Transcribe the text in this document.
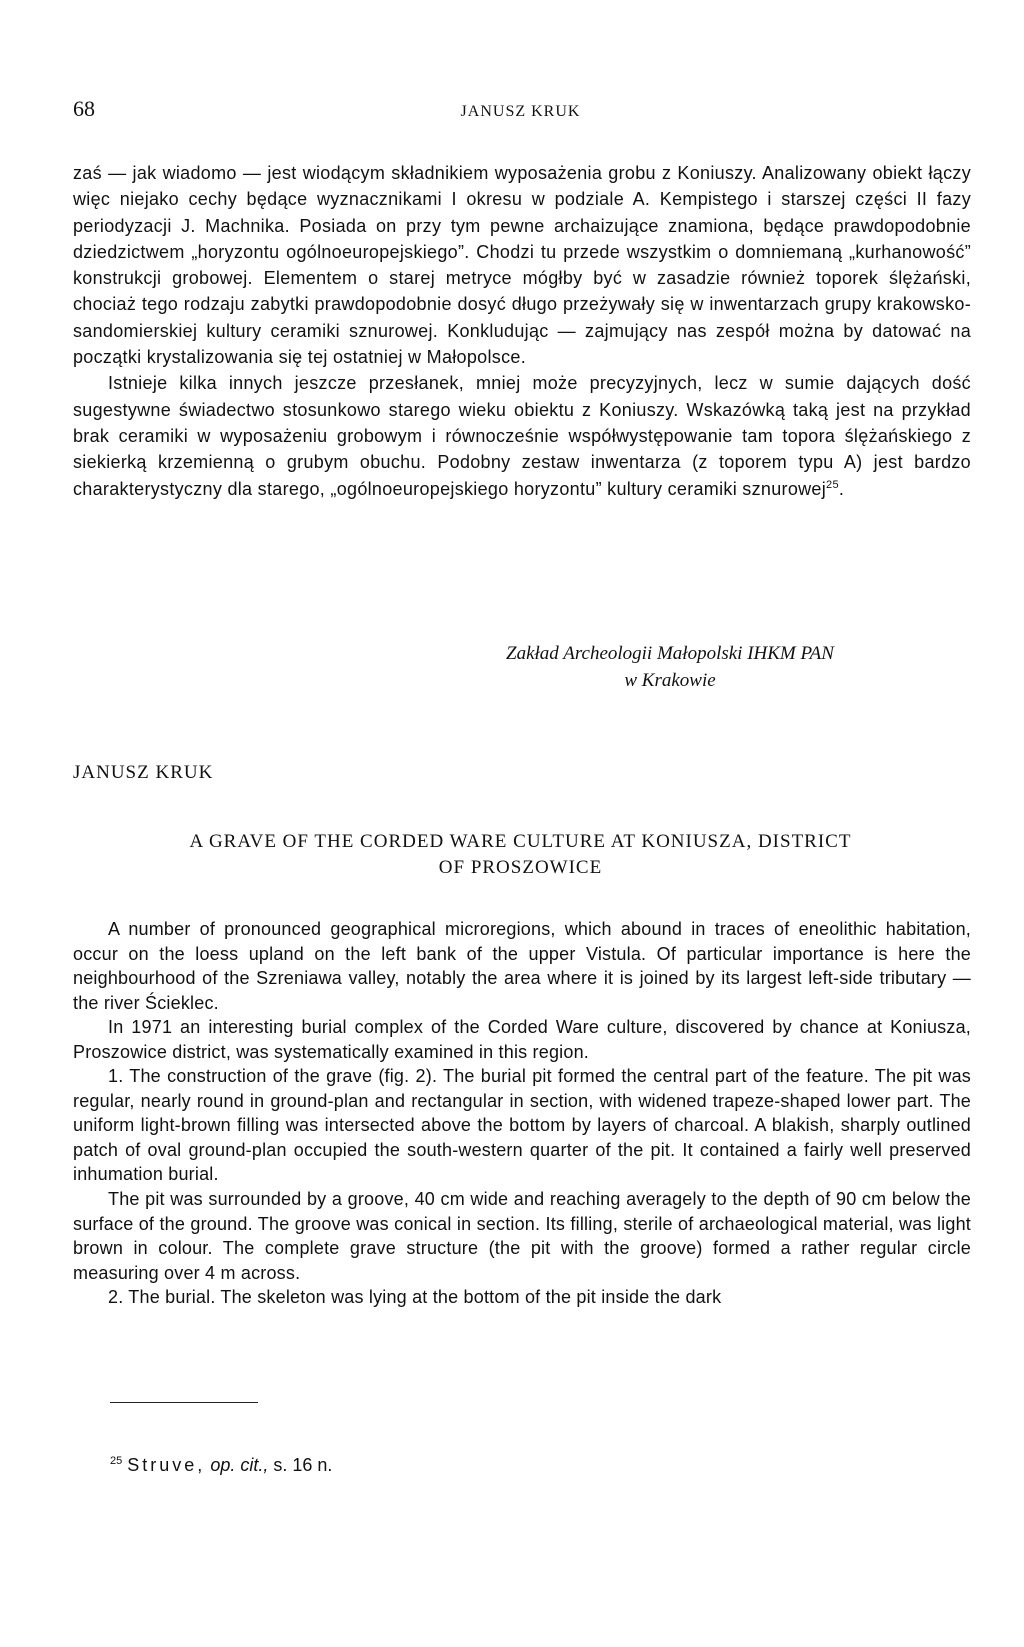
68	JANUSZ KRUK

zaś — jak wiadomo — jest wiodącym składnikiem wyposażenia grobu z Koniuszy. Analizowany obiekt łączy więc niejako cechy będące wyznacznikami I okresu w podziale A. Kempistego i starszej części II fazy periodyzacji J. Machnika. Posiada on przy tym pewne archaizujące znamiona, będące prawdopodobnie dziedzictwem „horyzontu ogólnoeuropejskiego”. Chodzi tu przede wszystkim o domniemaną „kurhanowość” konstrukcji grobowej. Elementem o starej metryce mógłby być w zasadzie również toporek ślężański, chociaż tego rodzaju zabytki prawdopodobnie dosyć długo przeżywały się w inwentarzach grupy krakowsko-sandomierskiej kultury ceramiki sznurowej. Konkludując — zajmujący nas zespół można by datować na początki krystalizowania się tej ostatniej w Małopolsce.

Istnieje kilka innych jeszcze przesłanek, mniej może precyzyjnych, lecz w sumie dających dość sugestywne świadectwo stosunkowo starego wieku obiektu z Koniuszy. Wskazówką taką jest na przykład brak ceramiki w wyposażeniu grobowym i równocześnie współwystępowanie tam topora ślężańskiego z siekierką krzemienną o grubym obuchu. Podobny zestaw inwentarza (z toporem typu A) jest bardzo charakterystyczny dla starego, „ogólnoeuropejskiego horyzontu” kultury ceramiki sznurowej$^{25}$.

Zakład Archeologii Małopolski IHKM PAN
w Krakowie
JANUSZ KRUK
A GRAVE OF THE CORDED WARE CULTURE AT KONIUSZA, DISTRICT
OF PROSZOWICE

A number of pronounced geographical microregions, which abound in traces of eneolithic habitation, occur on the loess upland on the left bank of the upper Vistula. Of particular importance is here the neighbourhood of the Szreniawa valley, notably the area where it is joined by its largest left-side tributary — the river Ścieklec.

In 1971 an interesting burial complex of the Corded Ware culture, discovered by chance at Koniusza, Proszowice district, was systematically examined in this region.

1. The construction of the grave (fig. 2). The burial pit formed the central part of the feature. The pit was regular, nearly round in ground-plan and rectangular in section, with widened trapeze-shaped lower part. The uniform light-brown filling was intersected above the bottom by layers of charcoal. A blakish, sharply outlined patch of oval ground-plan occupied the south-western quarter of the pit. It contained a fairly well preserved inhumation burial.

The pit was surrounded by a groove, 40 cm wide and reaching averagely to the depth of 90 cm below the surface of the ground. The groove was conical in section. Its filling, sterile of archaeological material, was light brown in colour. The complete grave structure (the pit with the groove) formed a rather regular circle measuring over 4 m across.

2. The burial. The skeleton was lying at the bottom of the pit inside the dark

$^{25}$ Struve, op. cit., s. 16 n.
